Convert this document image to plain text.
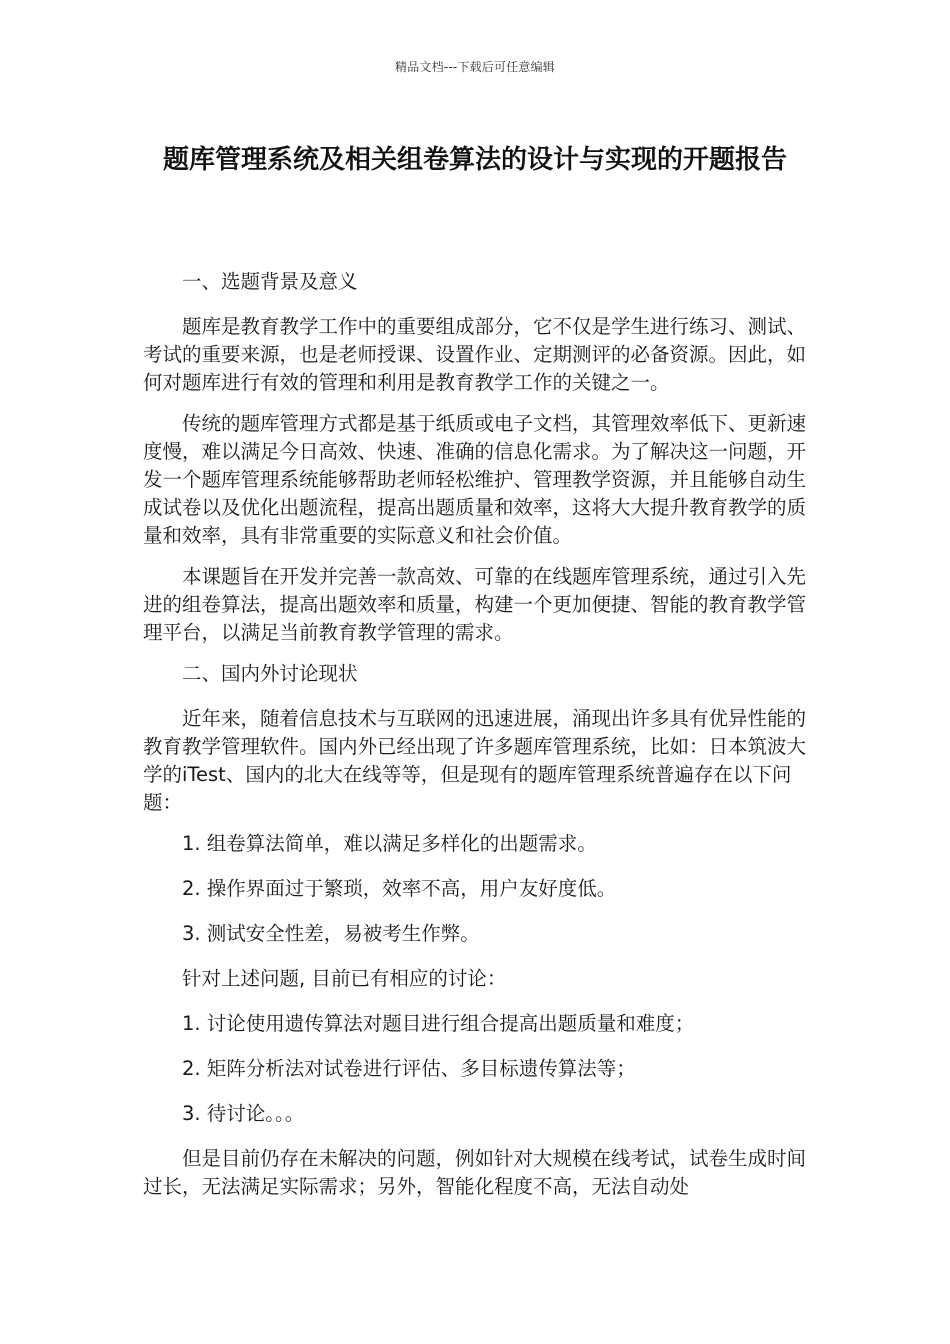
精品文档---下载后可任意编辑
题库管理系统及相关组卷算法的设计与实现的开题报告

一、选题背景及意义

题库是教育教学工作中的重要组成部分，它不仅是学生进行练习、测试、考试的重要来源，也是老师授课、设置作业、定期测评的必备资源。因此，如何对题库进行有效的管理和利用是教育教学工作的关键之一。

传统的题库管理方式都是基于纸质或电子文档，其管理效率低下、更新速度慢，难以满足今日高效、快速、准确的信息化需求。为了解决这一问题，开发一个题库管理系统能够帮助老师轻松维护、管理教学资源，并且能够自动生成试卷以及优化出题流程，提高出题质量和效率，这将大大提升教育教学的质量和效率，具有非常重要的实际意义和社会价值。

本课题旨在开发并完善一款高效、可靠的在线题库管理系统，通过引入先进的组卷算法，提高出题效率和质量，构建一个更加便捷、智能的教育教学管理平台，以满足当前教育教学管理的需求。

二、国内外讨论现状

近年来，随着信息技术与互联网的迅速进展，涌现出许多具有优异性能的教育教学管理软件。国内外已经出现了许多题库管理系统，比如：日本筑波大学的iTest、国内的北大在线等等，但是现有的题库管理系统普遍存在以下问题：

1. 组卷算法简单，难以满足多样化的出题需求。

2. 操作界面过于繁琐，效率不高，用户友好度低。

3. 测试安全性差，易被考生作弊。

针对上述问题, 目前已有相应的讨论：

1. 讨论使用遗传算法对题目进行组合提高出题质量和难度；

2. 矩阵分析法对试卷进行评估、多目标遗传算法等；

3. 待讨论。。。

但是目前仍存在未解决的问题，例如针对大规模在线考试，试卷生成时间过长，无法满足实际需求；另外，智能化程度不高，无法自动处
